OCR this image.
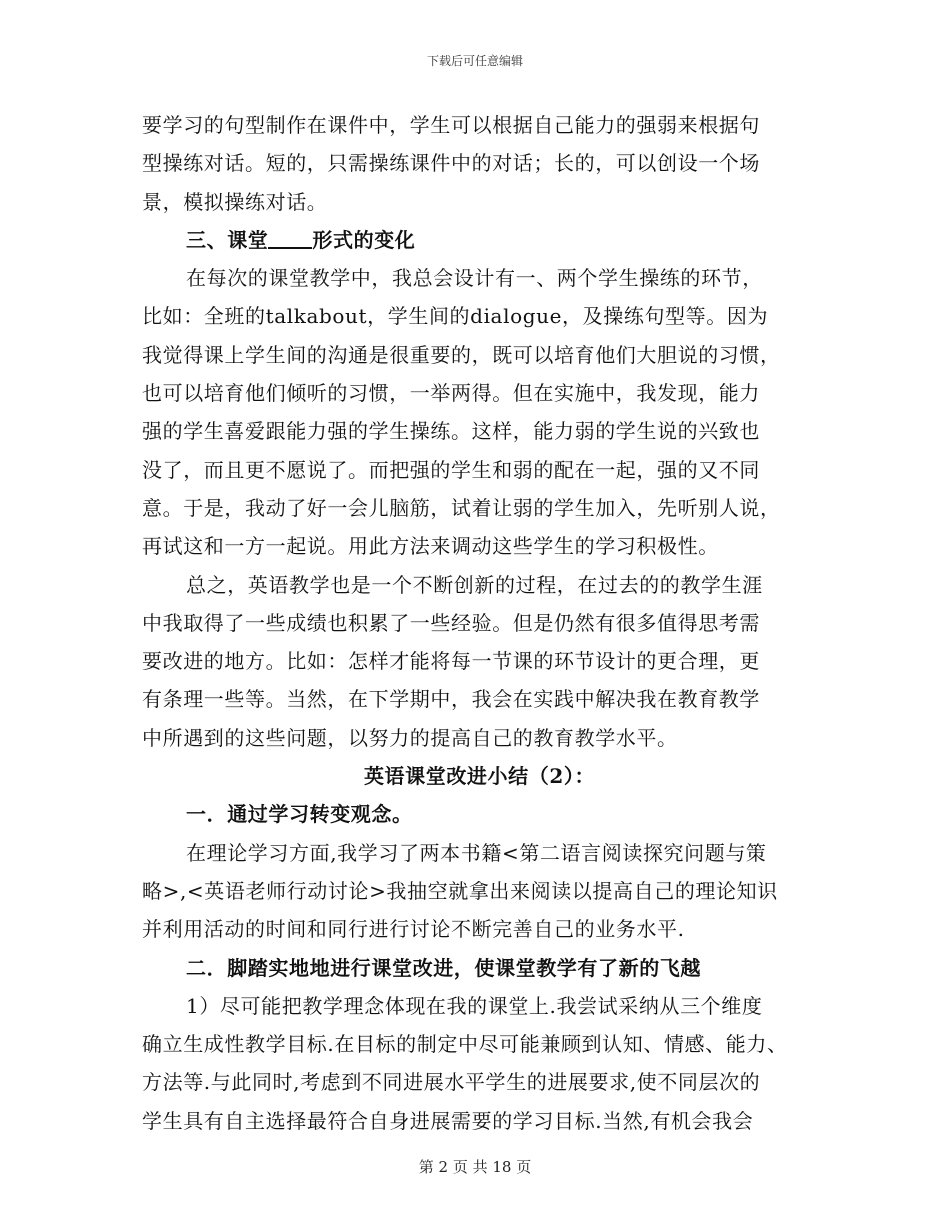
下载后可任意编辑
要学习的句型制作在课件中，学生可以根据自己能力的强弱来根据句
型操练对话。短的，只需操练课件中的对话；长的，可以创设一个场
景，模拟操练对话。
三、课堂 形式的变化
在每次的课堂教学中，我总会设计有一、两个学生操练的环节，
比如：全班的talkabout，学生间的dialogue，及操练句型等。因为
我觉得课上学生间的沟通是很重要的，既可以培育他们大胆说的习惯，
也可以培育他们倾听的习惯，一举两得。但在实施中，我发现，能力
强的学生喜爱跟能力强的学生操练。这样，能力弱的学生说的兴致也
没了，而且更不愿说了。而把强的学生和弱的配在一起，强的又不同
意。于是，我动了好一会儿脑筋，试着让弱的学生加入，先听别人说，
再试这和一方一起说。用此方法来调动这些学生的学习积极性。
总之，英语教学也是一个不断创新的过程，在过去的的教学生涯
中我取得了一些成绩也积累了一些经验。但是仍然有很多值得思考需
要改进的地方。比如：怎样才能将每一节课的环节设计的更合理，更
有条理一些等。当然，在下学期中，我会在实践中解决我在教育教学
中所遇到的这些问题，以努力的提高自己的教育教学水平。
英语课堂改进小结（2）：
一．通过学习转变观念。
在理论学习方面,我学习了两本书籍<第二语言阅读探究问题与策
略>,<英语老师行动讨论>我抽空就拿出来阅读以提高自己的理论知识
并利用活动的时间和同行进行讨论不断完善自己的业务水平.
二．脚踏实地地进行课堂改进，使课堂教学有了新的飞越
1）尽可能把教学理念体现在我的课堂上.我尝试采纳从三个维度
确立生成性教学目标.在目标的制定中尽可能兼顾到认知、情感、能力、
方法等.与此同时,考虑到不同进展水平学生的进展要求,使不同层次的
学生具有自主选择最符合自身进展需要的学习目标.当然,有机会我会
第 2 页 共 18 页
